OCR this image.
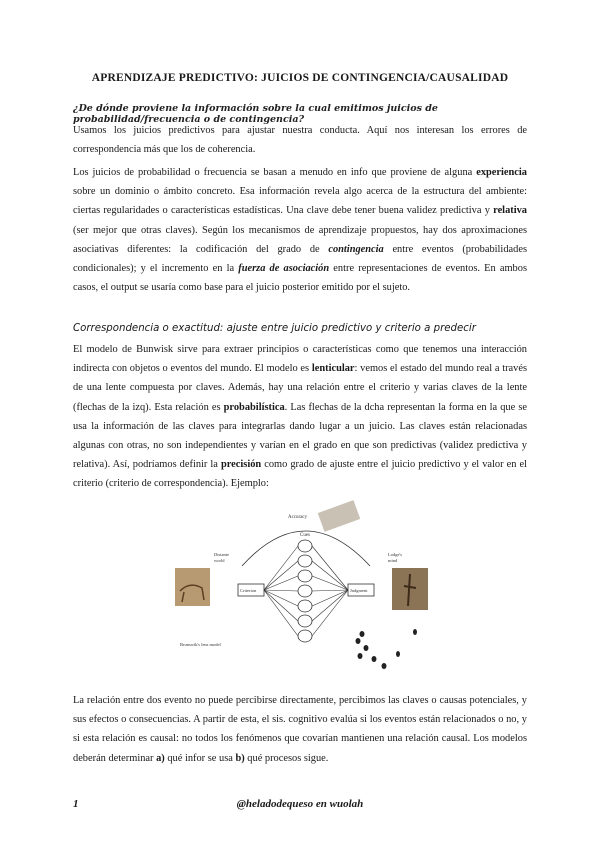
APRENDIZAJE PREDICTIVO: JUICIOS DE CONTINGENCIA/CAUSALIDAD
¿De dónde proviene la información sobre la cual emitimos juicios de probabilidad/frecuencia o de contingencia?

Usamos los juicios predictivos para ajustar nuestra conducta. Aquí nos interesan los errores de correspondencia más que los de coherencia.

Los juicios de probabilidad o frecuencia se basan a menudo en info que proviene de alguna experiencia sobre un dominio o ámbito concreto. Esa información revela algo acerca de la estructura del ambiente: ciertas regularidades o características estadísticas. Una clave debe tener buena validez predictiva y relativa (ser mejor que otras claves). Según los mecanismos de aprendizaje propuestos, hay dos aproximaciones asociativas diferentes: la codificación del grado de contingencia entre eventos (probabilidades condicionales); y el incremento en la fuerza de asociación entre representaciones de eventos. En ambos casos, el output se usaría como base para el juicio posterior emitido por el sujeto.

Correspondencia o exactitud: ajuste entre juicio predictivo y criterio a predecir

El modelo de Bunwisk sirve para extraer principios o características como que tenemos una interacción indirecta con objetos o eventos del mundo. El modelo es lenticular: vemos el estado del mundo real a través de una lente compuesta por claves. Además, hay una relación entre el criterio y varias claves de la lente (flechas de la izq). Esta relación es probabilística. Las flechas de la dcha representan la forma en la que se usa la información de las claves para integrarlas dando lugar a un juicio. Las claves están relacionadas algunas con otras, no son independientes y varían en el grado en que son predictivas (validez predictiva y relativa). Así, podríamos definir la precisión como grado de ajuste entre el juicio predictivo y el valor en el criterio (criterio de correspondencia). Ejemplo:

Accuracy
Cues
Criterion	Judgment
Distante
world
Lodge's
mind
Brunswik's lens model

La relación entre dos evento no puede percibirse directamente, percibimos las claves o causas potenciales, y sus efectos o consecuencias. A partir de esta, el sis. cognitivo evalúa si los eventos están relacionados o no, y si esta relación es causal: no todos los fenómenos que covarían mantienen una relación causal. Los modelos deberán determinar a) qué infor se usa b) qué procesos sigue.

1	@heladodequeso en wuolah
